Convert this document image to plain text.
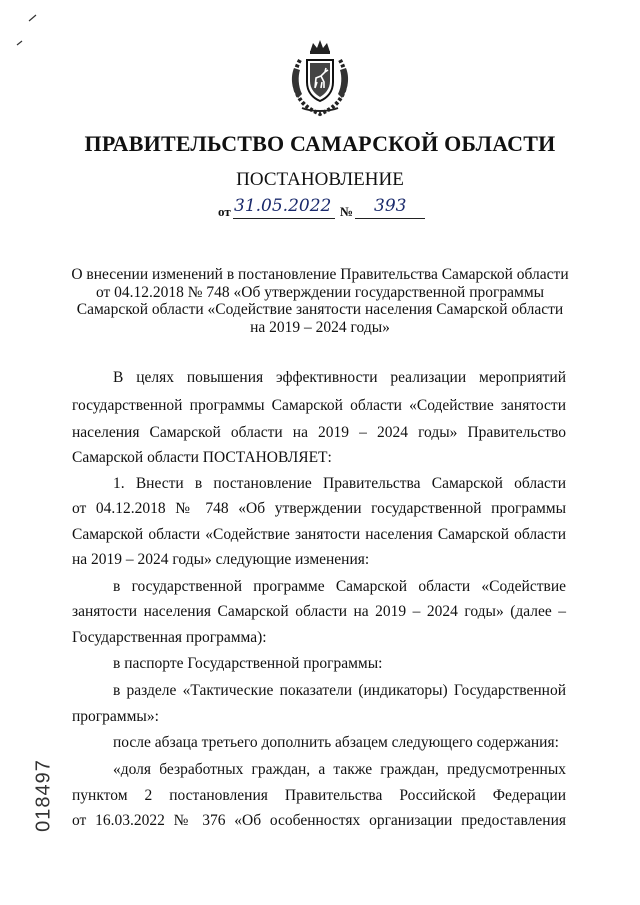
ПРАВИТЕЛЬСТВО САМАРСКОЙ ОБЛАСТИ
ПОСТАНОВЛЕНИЕ
от 31.05.2022 № 393
О внесении изменений в постановление Правительства Самарской области
от 04.12.2018 № 748 «Об утверждении государственной программы
Самарской области «Содействие занятости населения Самарской области
на 2019 – 2024 годы»
В целях повышения эффективности реализации мероприятий
государственной программы Самарской области «Содействие занятости
населения Самарской области на 2019 – 2024 годы» Правительство
Самарской области ПОСТАНОВЛЯЕТ:
1. Внести в постановление Правительства Самарской области
от 04.12.2018 № 748 «Об утверждении государственной программы
Самарской области «Содействие занятости населения Самарской области
на 2019 – 2024 годы» следующие изменения:
в государственной программе Самарской области «Содействие
занятости населения Самарской области на 2019 – 2024 годы» (далее –
Государственная программа):
в паспорте Государственной программы:
в разделе «Тактические показатели (индикаторы) Государственной
программы»:
после абзаца третьего дополнить абзацем следующего содержания:
«доля безработных граждан, а также граждан, предусмотренных
пунктом 2 постановления Правительства Российской Федерации
от 16.03.2022 № 376 «Об особенностях организации предоставления
018497
